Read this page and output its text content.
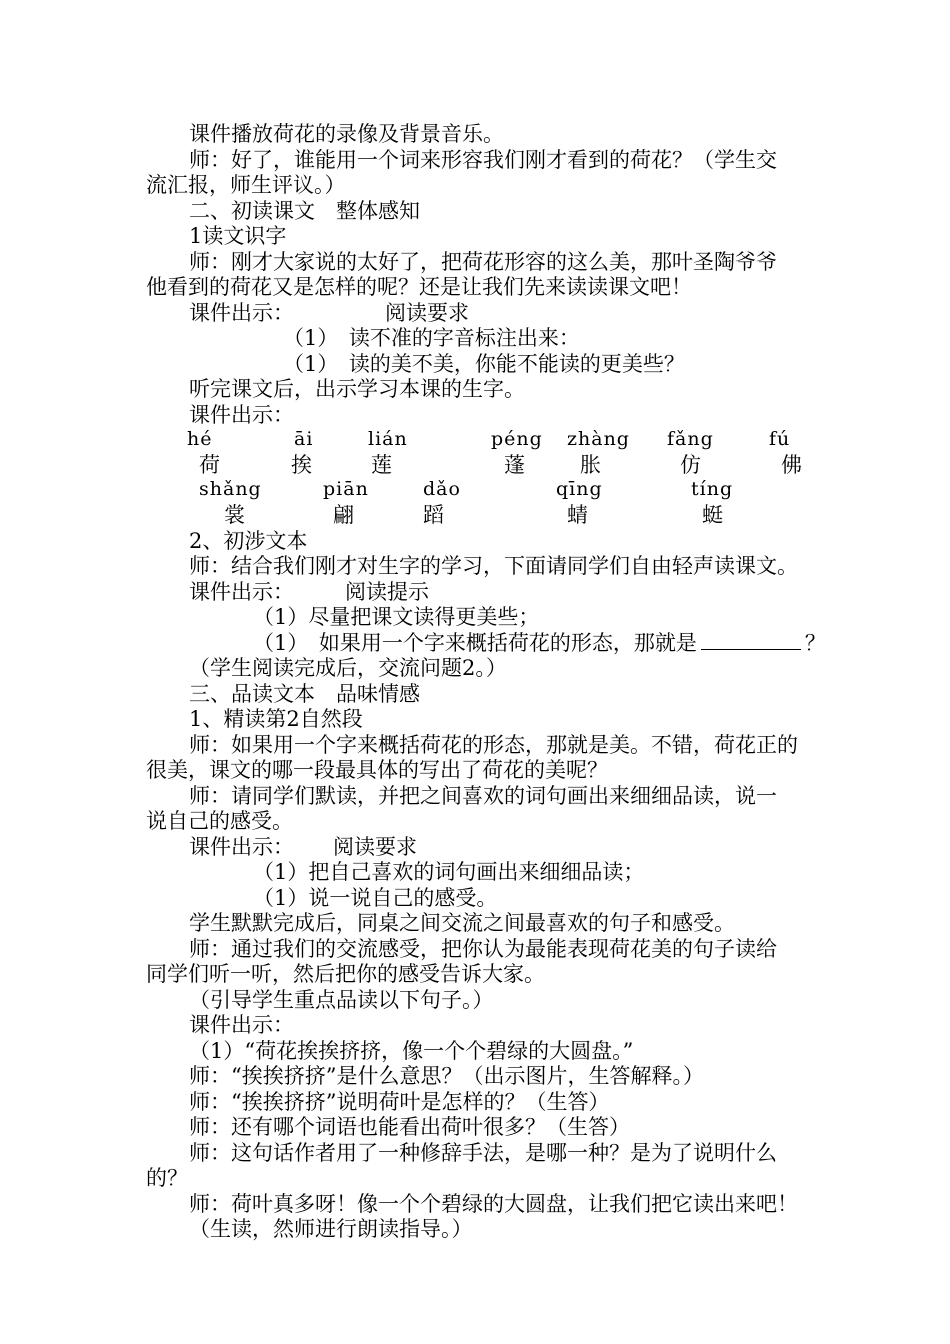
课件播放荷花的录像及背景音乐。
师：好了，谁能用一个词来形容我们刚才看到的荷花？（学生交
流汇报，师生评议。）
二、初读课文　整体感知
1读文识字
师：刚才大家说的太好了，把荷花形容的这么美，那叶圣陶爷爷
他看到的荷花又是怎样的呢？还是让我们先来读读课文吧！
课件出示：	阅读要求
（1）　读不准的字音标注出来：
（1）　读的美不美，你能不能读的更美些？
听完课文后，出示学习本课的生字。
课件出示：
hé	āi	lián	péng zhàng fǎng	fú
荷	挨	莲	蓬	胀	仿	佛
shǎng	piān	dǎo	qīng	tíng
裳	翩	蹈	蜻	蜓
2、初涉文本
师：结合我们刚才对生字的学习，下面请同学们自由轻声读课文。
课件出示： 阅读提示
（1）尽量把课文读得更美些；
（1）　如果用一个字来概括荷花的形态，那就是	？
（学生阅读完成后，交流问题2。）
三、品读文本　品味情感
1、精读第2自然段
师：如果用一个字来概括荷花的形态，那就是美。不错，荷花正的
很美，课文的哪一段最具体的写出了荷花的美呢？
师：请同学们默读，并把之间喜欢的词句画出来细细品读，说一
说自己的感受。
课件出示： 阅读要求
（1）把自己喜欢的词句画出来细细品读；
（1）说一说自己的感受。
学生默默完成后，同桌之间交流之间最喜欢的句子和感受。
师：通过我们的交流感受，把你认为最能表现荷花美的句子读给
同学们听一听，然后把你的感受告诉大家。
（引导学生重点品读以下句子。）
课件出示：
（1）“荷花挨挨挤挤，像一个个碧绿的大圆盘。”
师：“挨挨挤挤”是什么意思？（出示图片，生答解释。）
师：“挨挨挤挤”说明荷叶是怎样的？（生答）
师：还有哪个词语也能看出荷叶很多？（生答）
师：这句话作者用了一种修辞手法，是哪一种？是为了说明什么
的？
师：荷叶真多呀！像一个个碧绿的大圆盘，让我们把它读出来吧！
（生读，然师进行朗读指导。）
